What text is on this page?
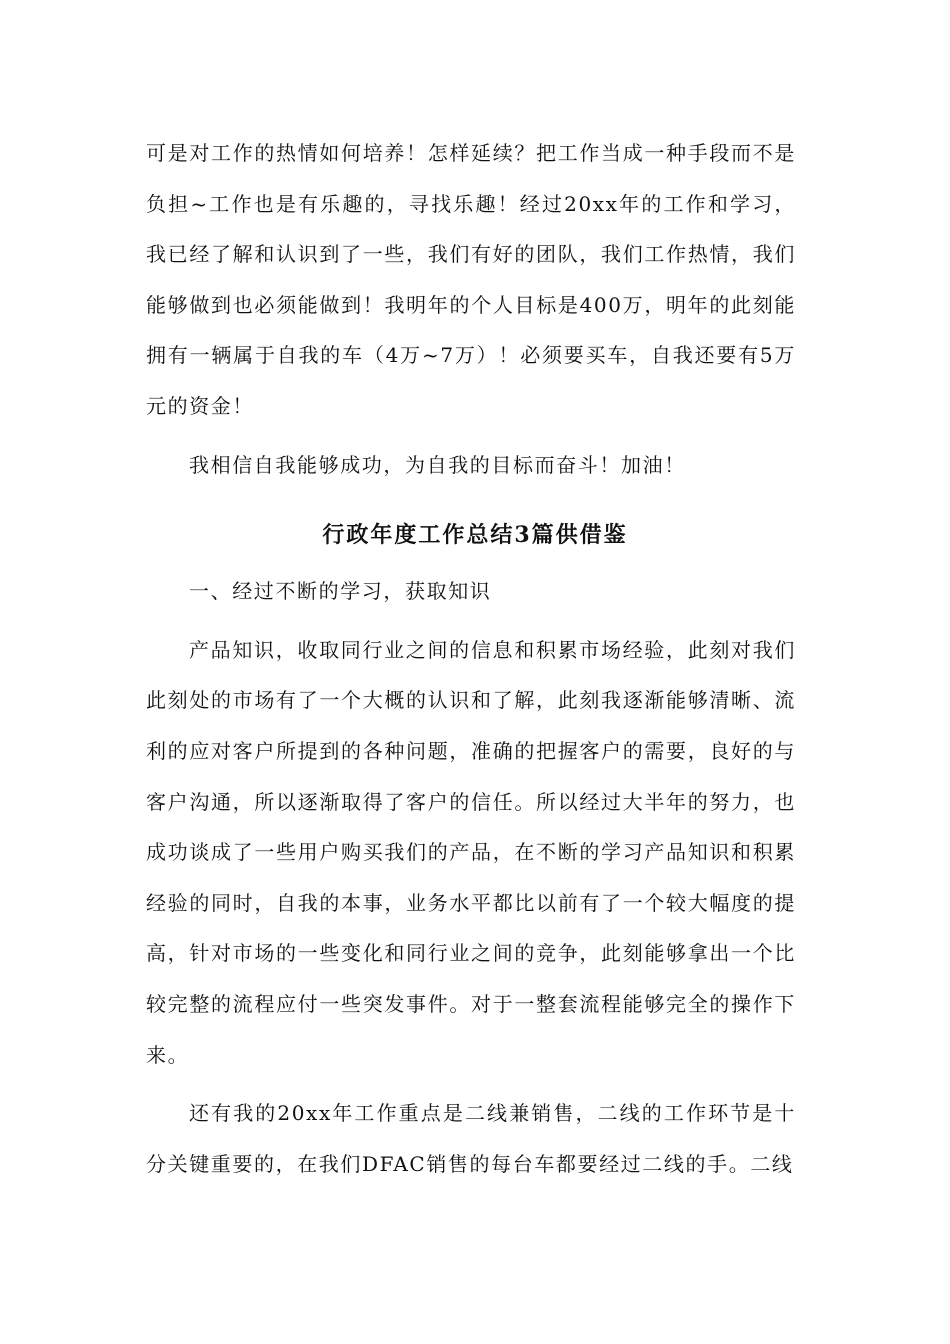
可是对工作的热情如何培养！怎样延续？把工作当成一种手段而不是负担~工作也是有乐趣的，寻找乐趣！经过20xx年的工作和学习，我已经了解和认识到了一些，我们有好的团队，我们工作热情，我们能够做到也必须能做到！我明年的个人目标是400万，明年的此刻能拥有一辆属于自我的车（4万~7万）！必须要买车，自我还要有5万元的资金！

我相信自我能够成功，为自我的目标而奋斗！加油！

行政年度工作总结3篇供借鉴

一、经过不断的学习，获取知识

产品知识，收取同行业之间的信息和积累市场经验，此刻对我们此刻处的市场有了一个大概的认识和了解，此刻我逐渐能够清晰、流利的应对客户所提到的各种问题，准确的把握客户的需要，良好的与客户沟通，所以逐渐取得了客户的信任。所以经过大半年的努力，也成功谈成了一些用户购买我们的产品，在不断的学习产品知识和积累经验的同时，自我的本事，业务水平都比以前有了一个较大幅度的提高，针对市场的一些变化和同行业之间的竞争，此刻能够拿出一个比较完整的流程应付一些突发事件。对于一整套流程能够完全的操作下来。

还有我的20xx年工作重点是二线兼销售，二线的工作环节是十分关键重要的，在我们DFAC销售的每台车都要经过二线的手。二线
